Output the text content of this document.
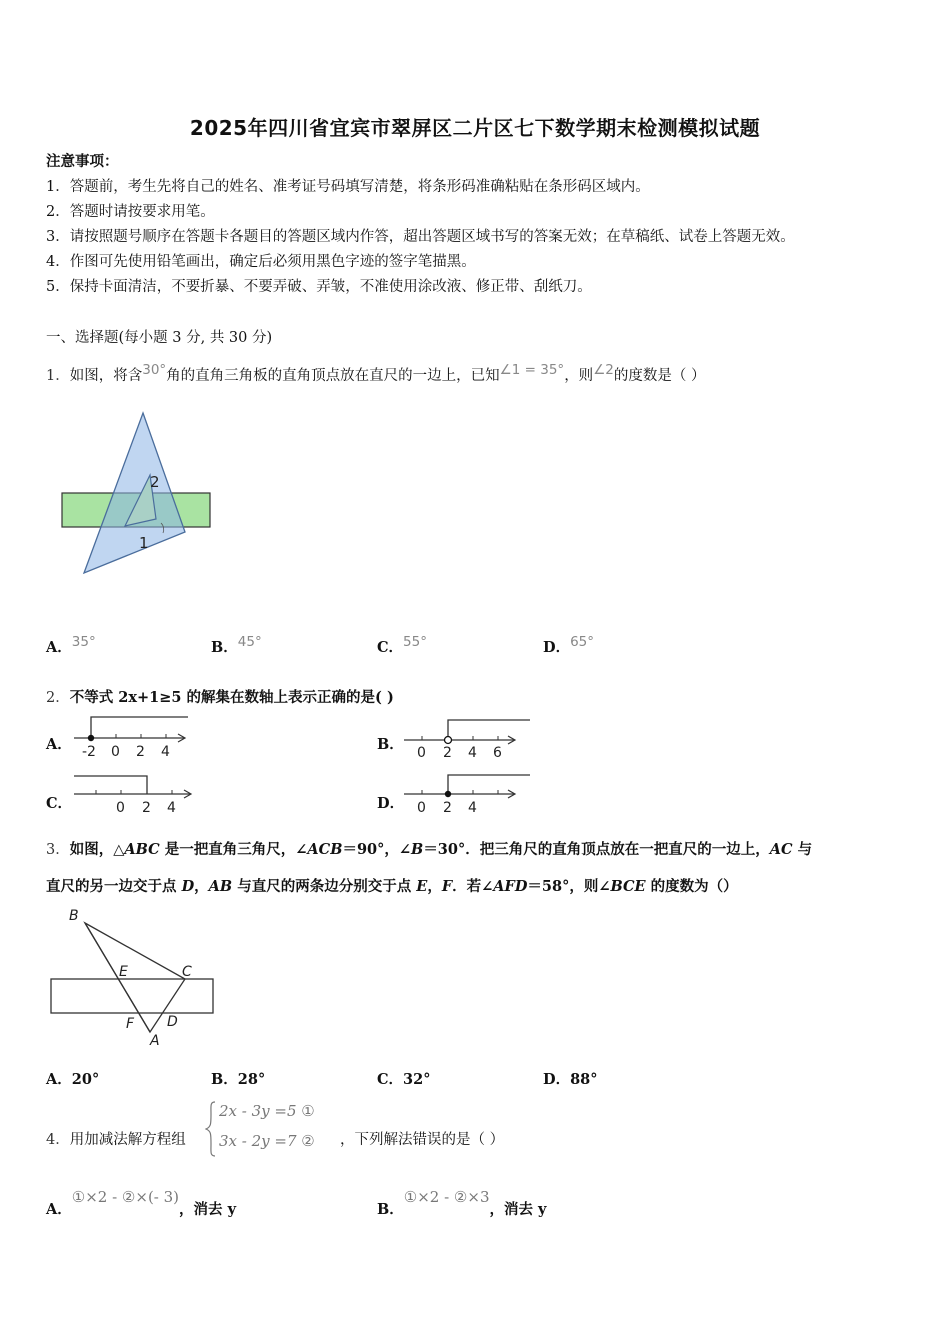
2025年四川省宜宾市翠屏区二片区七下数学期末检测模拟试题
注意事项：
1．答题前，考生先将自己的姓名、准考证号码填写清楚，将条形码准确粘贴在条形码区域内。
2．答题时请按要求用笔。
3．请按照题号顺序在答题卡各题目的答题区域内作答，超出答题区域书写的答案无效；在草稿纸、试卷上答题无效。
4．作图可先使用铅笔画出，确定后必须用黑色字迹的签字笔描黑。
5．保持卡面清洁，不要折暴、不要弄破、弄皱，不准使用涂改液、修正带、刮纸刀。
一、选择题(每小题 3 分, 共 30 分)
1．如图，将含$^{30^\circ}$角的直角三角板的直角顶点放在直尺的一边上，已知$^{\angle 1 = 35^\circ}$，则$^{\angle 2}$的度数是（ ）
1
2
A．$^{35^\circ}$	B．$^{45^\circ}$	C．$^{55^\circ}$	D．$^{65^\circ}$
2．不等式 2x+1≥5 的解集在数轴上表示正确的是( )
A． -2 0 2 4	B． 0 2 4 6
C．	0 2 4	D． 0 2 4
3．如图，△ABC 是一把直角三角尺，∠ACB＝90°，∠B＝30°．把三角尺的直角顶点放在一把直尺的一边上，AC 与
直尺的另一边交于点 D，AB 与直尺的两条边分别交于点 E，F．若∠AFD＝58°，则∠BCE 的度数为（）
B
E	C
F D
A
A．20°	B．28°	C．32°	D．88°
4．用加减法解方程组
2x - 3y =5 ①
3x - 2y =7 ② ，下列解法错误的是（ ）
A．①×2 - ②×(- 3)，消去 y	B．①×2 - ②×3，消去 y
